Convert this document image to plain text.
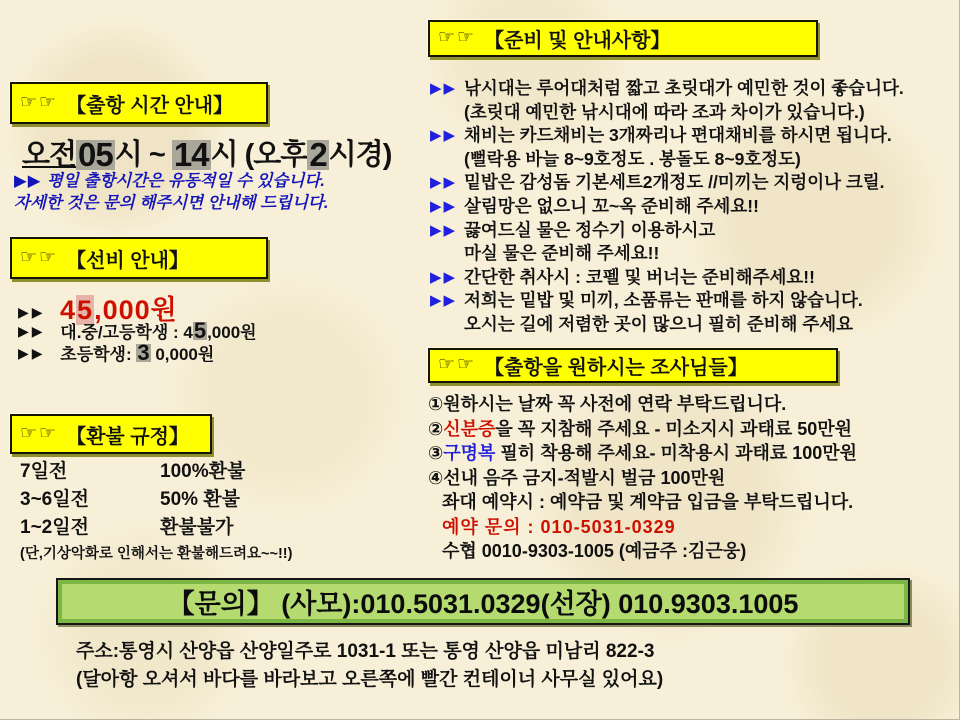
☞☞ 【출항 시간 안내】
오전05시 ~ 14시 (오후2시경)
▶▶ 평일 출항시간은 유동적일 수 있습니다.
자세한 것은 문의 해주시면 안내해 드립니다.
☞☞ 【선비 안내】
▶▶ 45,000원
▶▶ 대.중/고등학생 : 45,000원
▶▶ 초등학생: 3 0,000원
☞☞ 【환불 규정】
7일전	100%환불
3~6일전	50% 환불
1~2일전	환불불가
(단,기상악화로 인해서는 환불해드려요~~!!)
☞☞ 【준비 및 안내사항】
▶▶ 낚시대는 루어대처럼 짧고 초릿대가 예민한 것이 좋습니다.
(초릿대 예민한 낚시대에 따라 조과 차이가 있습니다.)
▶▶ 채비는 카드채비는 3개짜리나 편대채비를 하시면 됩니다.
(뻘락용 바늘 8~9호정도 . 봉돌도 8~9호정도)
▶▶ 밑밥은 감성돔 기본세트2개정도 //미끼는 지렁이나 크릴.
▶▶ 살림망은 없으니 꼬~옥 준비해 주세요!!
▶▶ 끓여드실 물은 정수기 이용하시고
마실 물은 준비해 주세요!!
▶▶ 간단한 취사시 : 코펠 및 버너는 준비해주세요!!
▶▶ 저희는 밑밥 및 미끼, 소품류는 판매를 하지 않습니다.
오시는 길에 저렴한 곳이 많으니 필히 준비해 주세요
☞☞ 【출항을 원하시는 조사님들】
①원하시는 날짜 꼭 사전에 연락 부탁드립니다.
②신분증을 꼭 지참해 주세요 - 미소지시 과태료 50만원
③구명복 필히 착용해 주세요- 미착용시 과태료 100만원
④선내 음주 금지-적발시 벌금 100만원
좌대 예약시 : 예약금 및 계약금 입금을 부탁드립니다.
예약 문의 : 010-5031-0329
수협 0010-9303-1005 (예금주 :김근웅)
【문의】 (사모):010.5031.0329(선장) 010.9303.1005
주소:통영시 산양읍 산양일주로 1031-1 또는 통영 산양읍 미남리 822-3
(달아항 오셔서 바다를 바라보고 오른쪽에 빨간 컨테이너 사무실 있어요)
